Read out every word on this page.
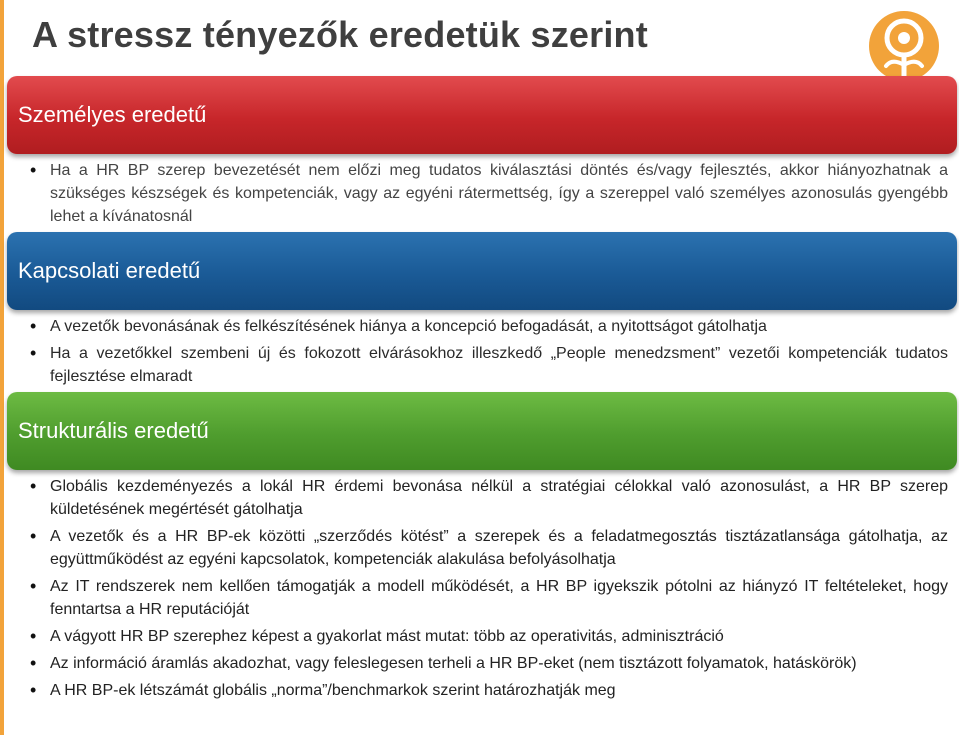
A stressz tényezők eredetük szerint
Személyes eredetű
• Ha a HR BP szerep bevezetését nem előzi meg tudatos kiválasztási döntés és/vagy fejlesztés, akkor hiányozhatnak a szükséges készségek és kompetenciák, vagy az egyéni rátermettség, így a szereppel való személyes azonosulás gyengébb lehet a kívánatosnál
Kapcsolati eredetű
• A vezetők bevonásának és felkészítésének hiánya a koncepció befogadását, a nyitottságot gátolhatja
• Ha a vezetőkkel szembeni új és fokozott elvárásokhoz illeszkedő „People menedzsment” vezetői kompetenciák tudatos fejlesztése elmaradt
Strukturális eredetű
• Globális kezdeményezés a lokál HR érdemi bevonása nélkül a stratégiai célokkal való azonosulást, a HR BP szerep küldetésének megértését gátolhatja
• A vezetők és a HR BP-ek közötti „szerződés kötést” a szerepek és a feladatmegosztás tisztázatlansága gátolhatja, az együttműködést az egyéni kapcsolatok, kompetenciák alakulása befolyásolhatja
• Az IT rendszerek nem kellően támogatják a modell működését, a HR BP igyekszik pótolni az hiányzó IT feltételeket, hogy fenntartsa a HR reputációját
• A vágyott HR BP szerephez képest a gyakorlat mást mutat: több az operativitás, adminisztráció
• Az információ áramlás akadozhat, vagy feleslegesen terheli a HR BP-eket (nem tisztázott folyamatok, hatáskörök)
• A HR BP-ek létszámát globális „norma”/benchmarkok szerint határozhatják meg
